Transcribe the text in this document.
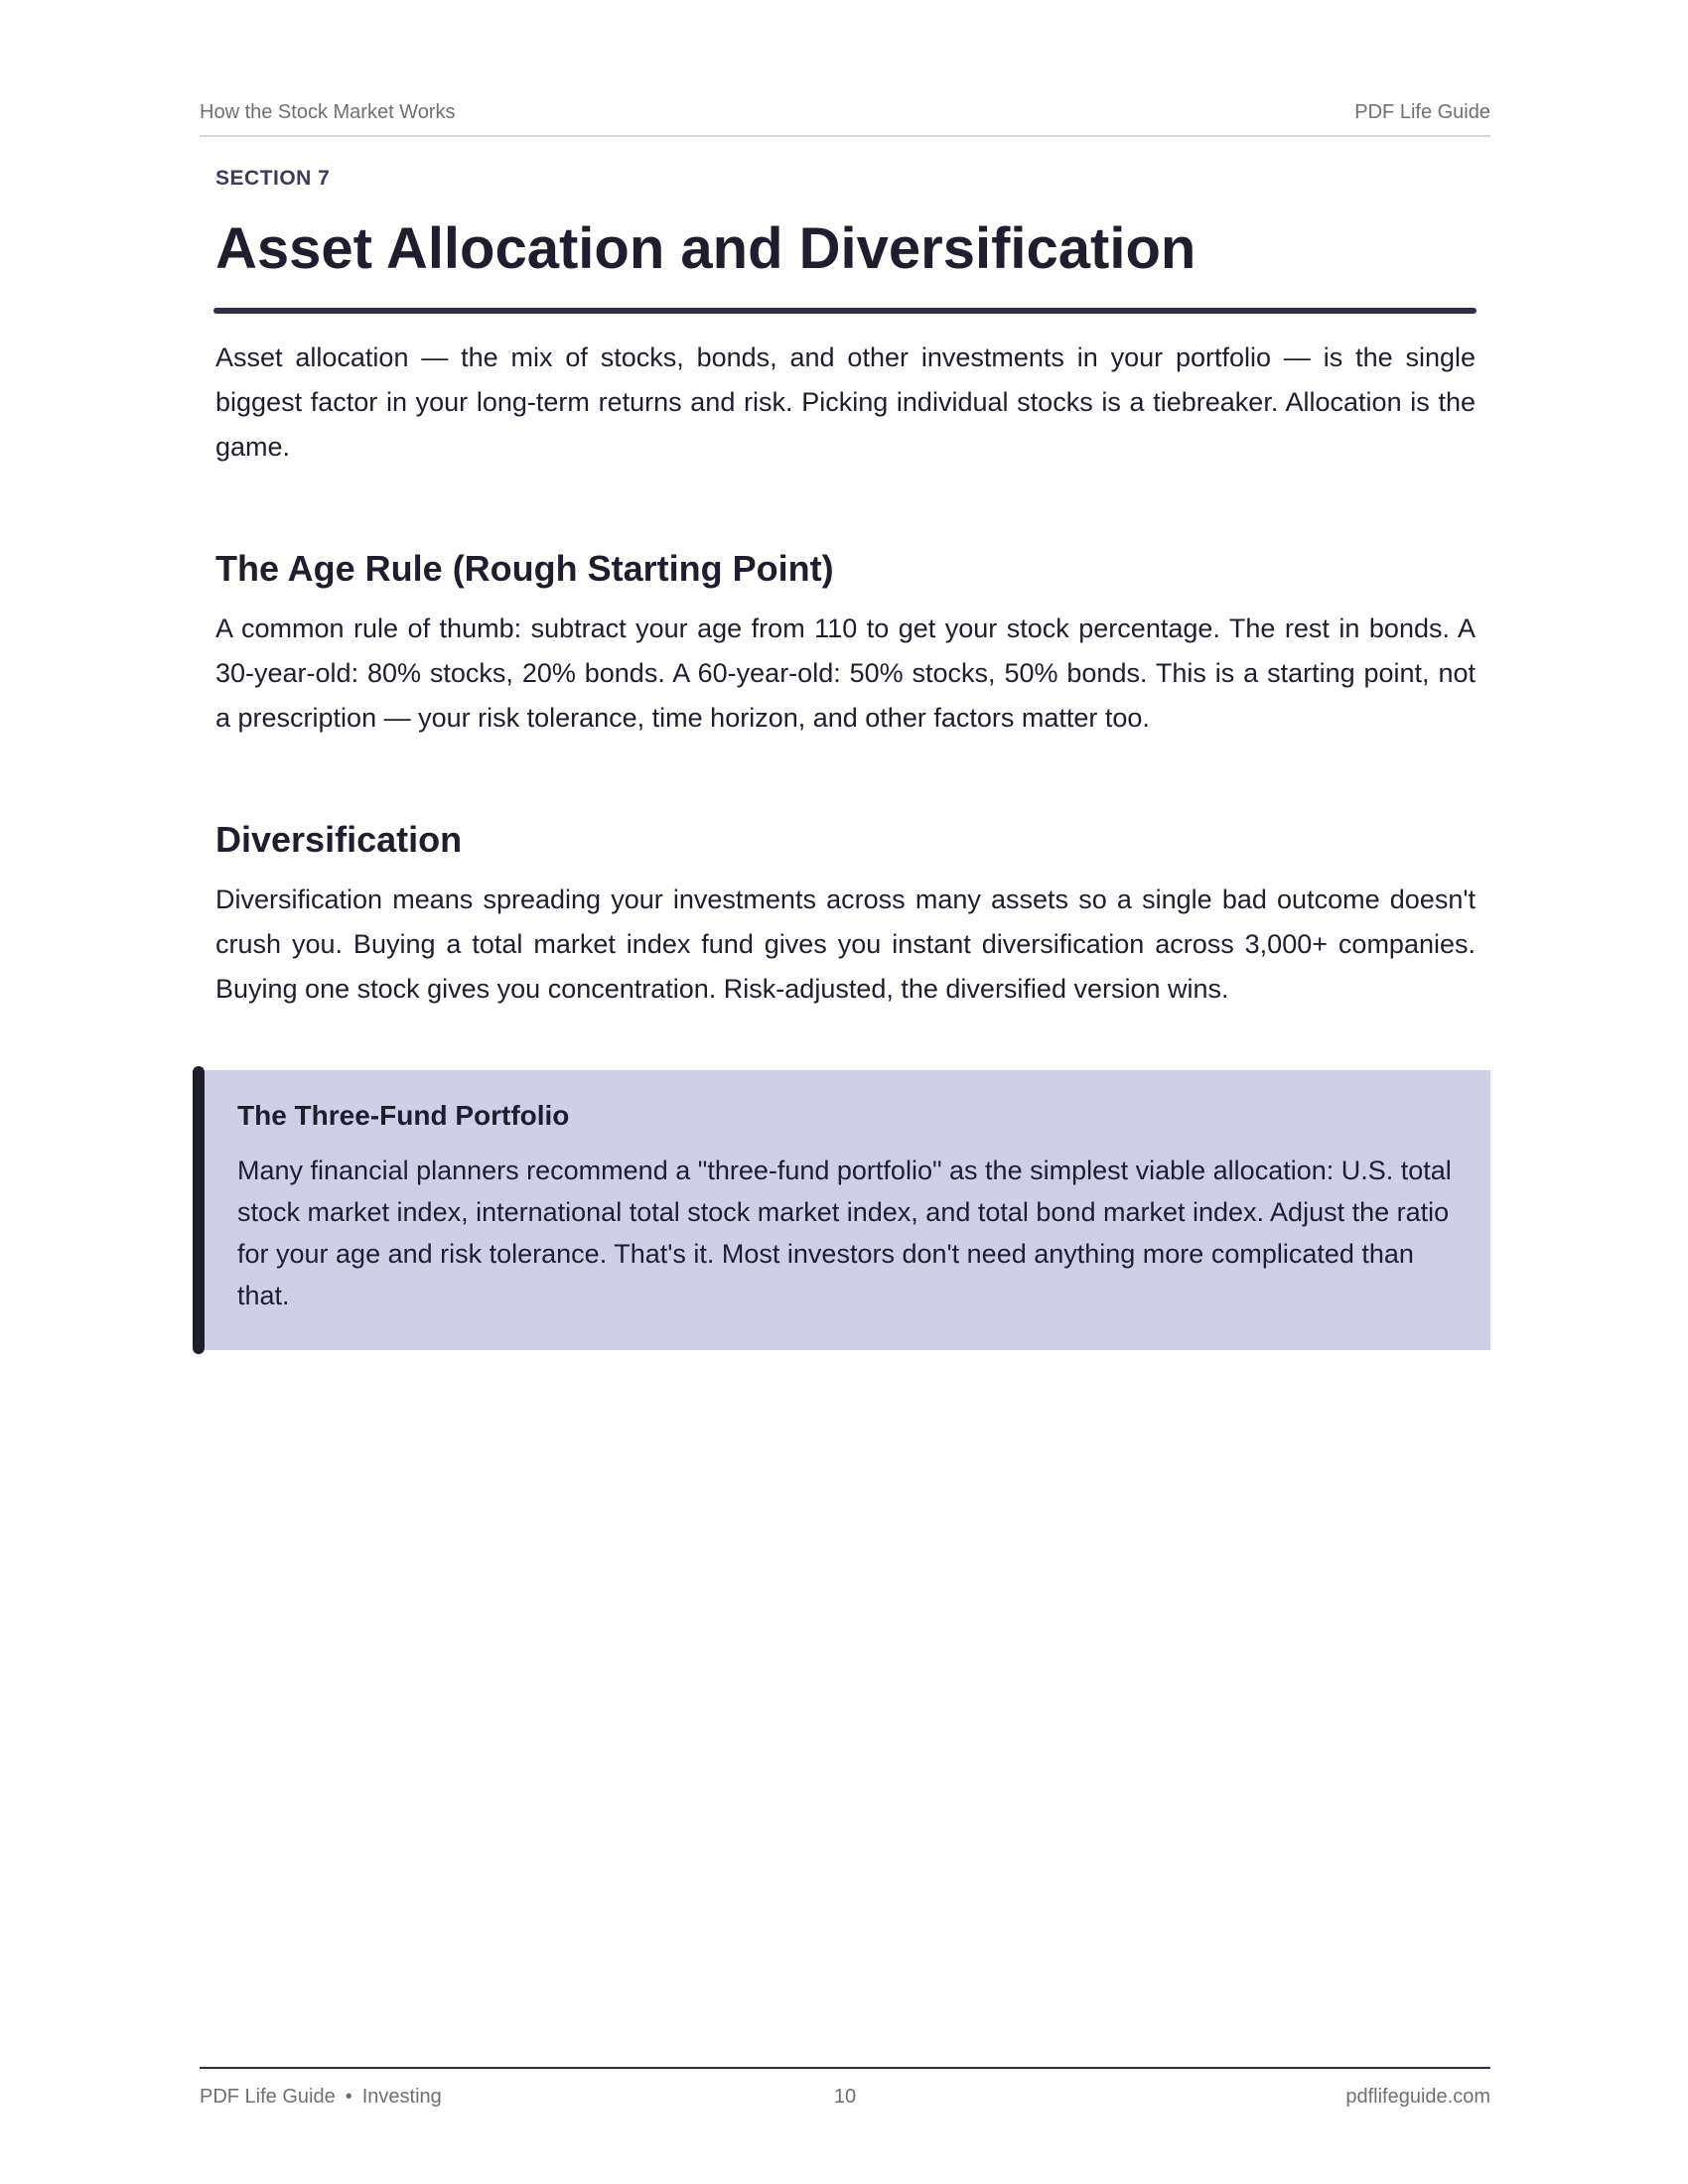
How the Stock Market Works	PDF Life Guide
SECTION 7
Asset Allocation and Diversification

Asset allocation — the mix of stocks, bonds, and other investments in your portfolio — is the single biggest factor in your long-term returns and risk. Picking individual stocks is a tiebreaker. Allocation is the game.

The Age Rule (Rough Starting Point)

A common rule of thumb: subtract your age from 110 to get your stock percentage. The rest in bonds. A 30-year-old: 80% stocks, 20% bonds. A 60-year-old: 50% stocks, 50% bonds. This is a starting point, not a prescription — your risk tolerance, time horizon, and other factors matter too.

Diversification

Diversification means spreading your investments across many assets so a single bad outcome doesn't crush you. Buying a total market index fund gives you instant diversification across 3,000+ companies. Buying one stock gives you concentration. Risk-adjusted, the diversified version wins.

The Three-Fund Portfolio

Many financial planners recommend a "three-fund portfolio" as the simplest viable allocation: U.S. total stock market index, international total stock market index, and total bond market index. Adjust the ratio for your age and risk tolerance. That's it. Most investors don't need anything more complicated than that.

PDF Life Guide • Investing	10	pdflifeguide.com
